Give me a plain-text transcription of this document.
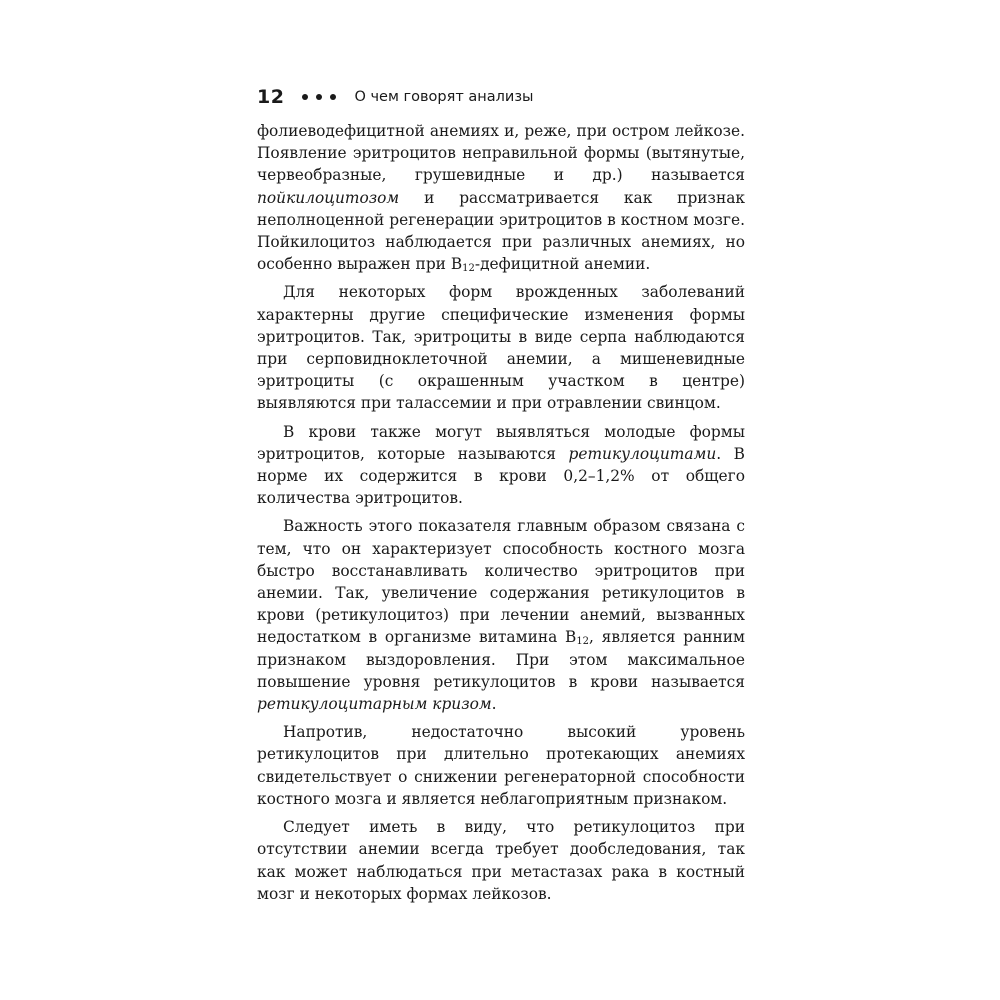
12	О чем говорят анализы

фолиеводефицитной анемиях и, реже, при остром лейкозе. Появление эритроцитов неправильной формы (вытянутые, червеобразные, грушевидные и др.) называется пойкилоцитозом и рассматривается как признак неполноценной регенерации эритроцитов в костном мозге. Пойкилоцитоз наблюдается при различных анемиях, но особенно выражен при $B_{12}$-дефицитной анемии.

Для некоторых форм врожденных заболеваний характерны другие специфические изменения формы эритроцитов. Так, эритроциты в виде серпа наблюдаются при серповидноклеточной анемии, а мишеневидные эритроциты (с окрашенным участком в центре) выявляются при талассемии и при отравлении свинцом.

В крови также могут выявляться молодые формы эритроцитов, которые называются ретикулоцитами. В норме их содержится в крови 0,2–1,2% от общего количества эритроцитов.

Важность этого показателя главным образом связана с тем, что он характеризует способность костного мозга быстро восстанавливать количество эритроцитов при анемии. Так, увеличение содержания ретикулоцитов в крови (ретикулоцитоз) при лечении анемий, вызванных недостатком в организме витамина $B_{12}$, является ранним признаком выздоровления. При этом максимальное повышение уровня ретикулоцитов в крови называется ретикулоцитарным кризом.

Напротив, недостаточно высокий уровень ретикулоцитов при длительно протекающих анемиях свидетельствует о снижении регенераторной способности костного мозга и является неблагоприятным признаком.

Следует иметь в виду, что ретикулоцитоз при отсутствии анемии всегда требует дообследования, так как может наблюдаться при метастазах рака в костный мозг и некоторых формах лейкозов.
